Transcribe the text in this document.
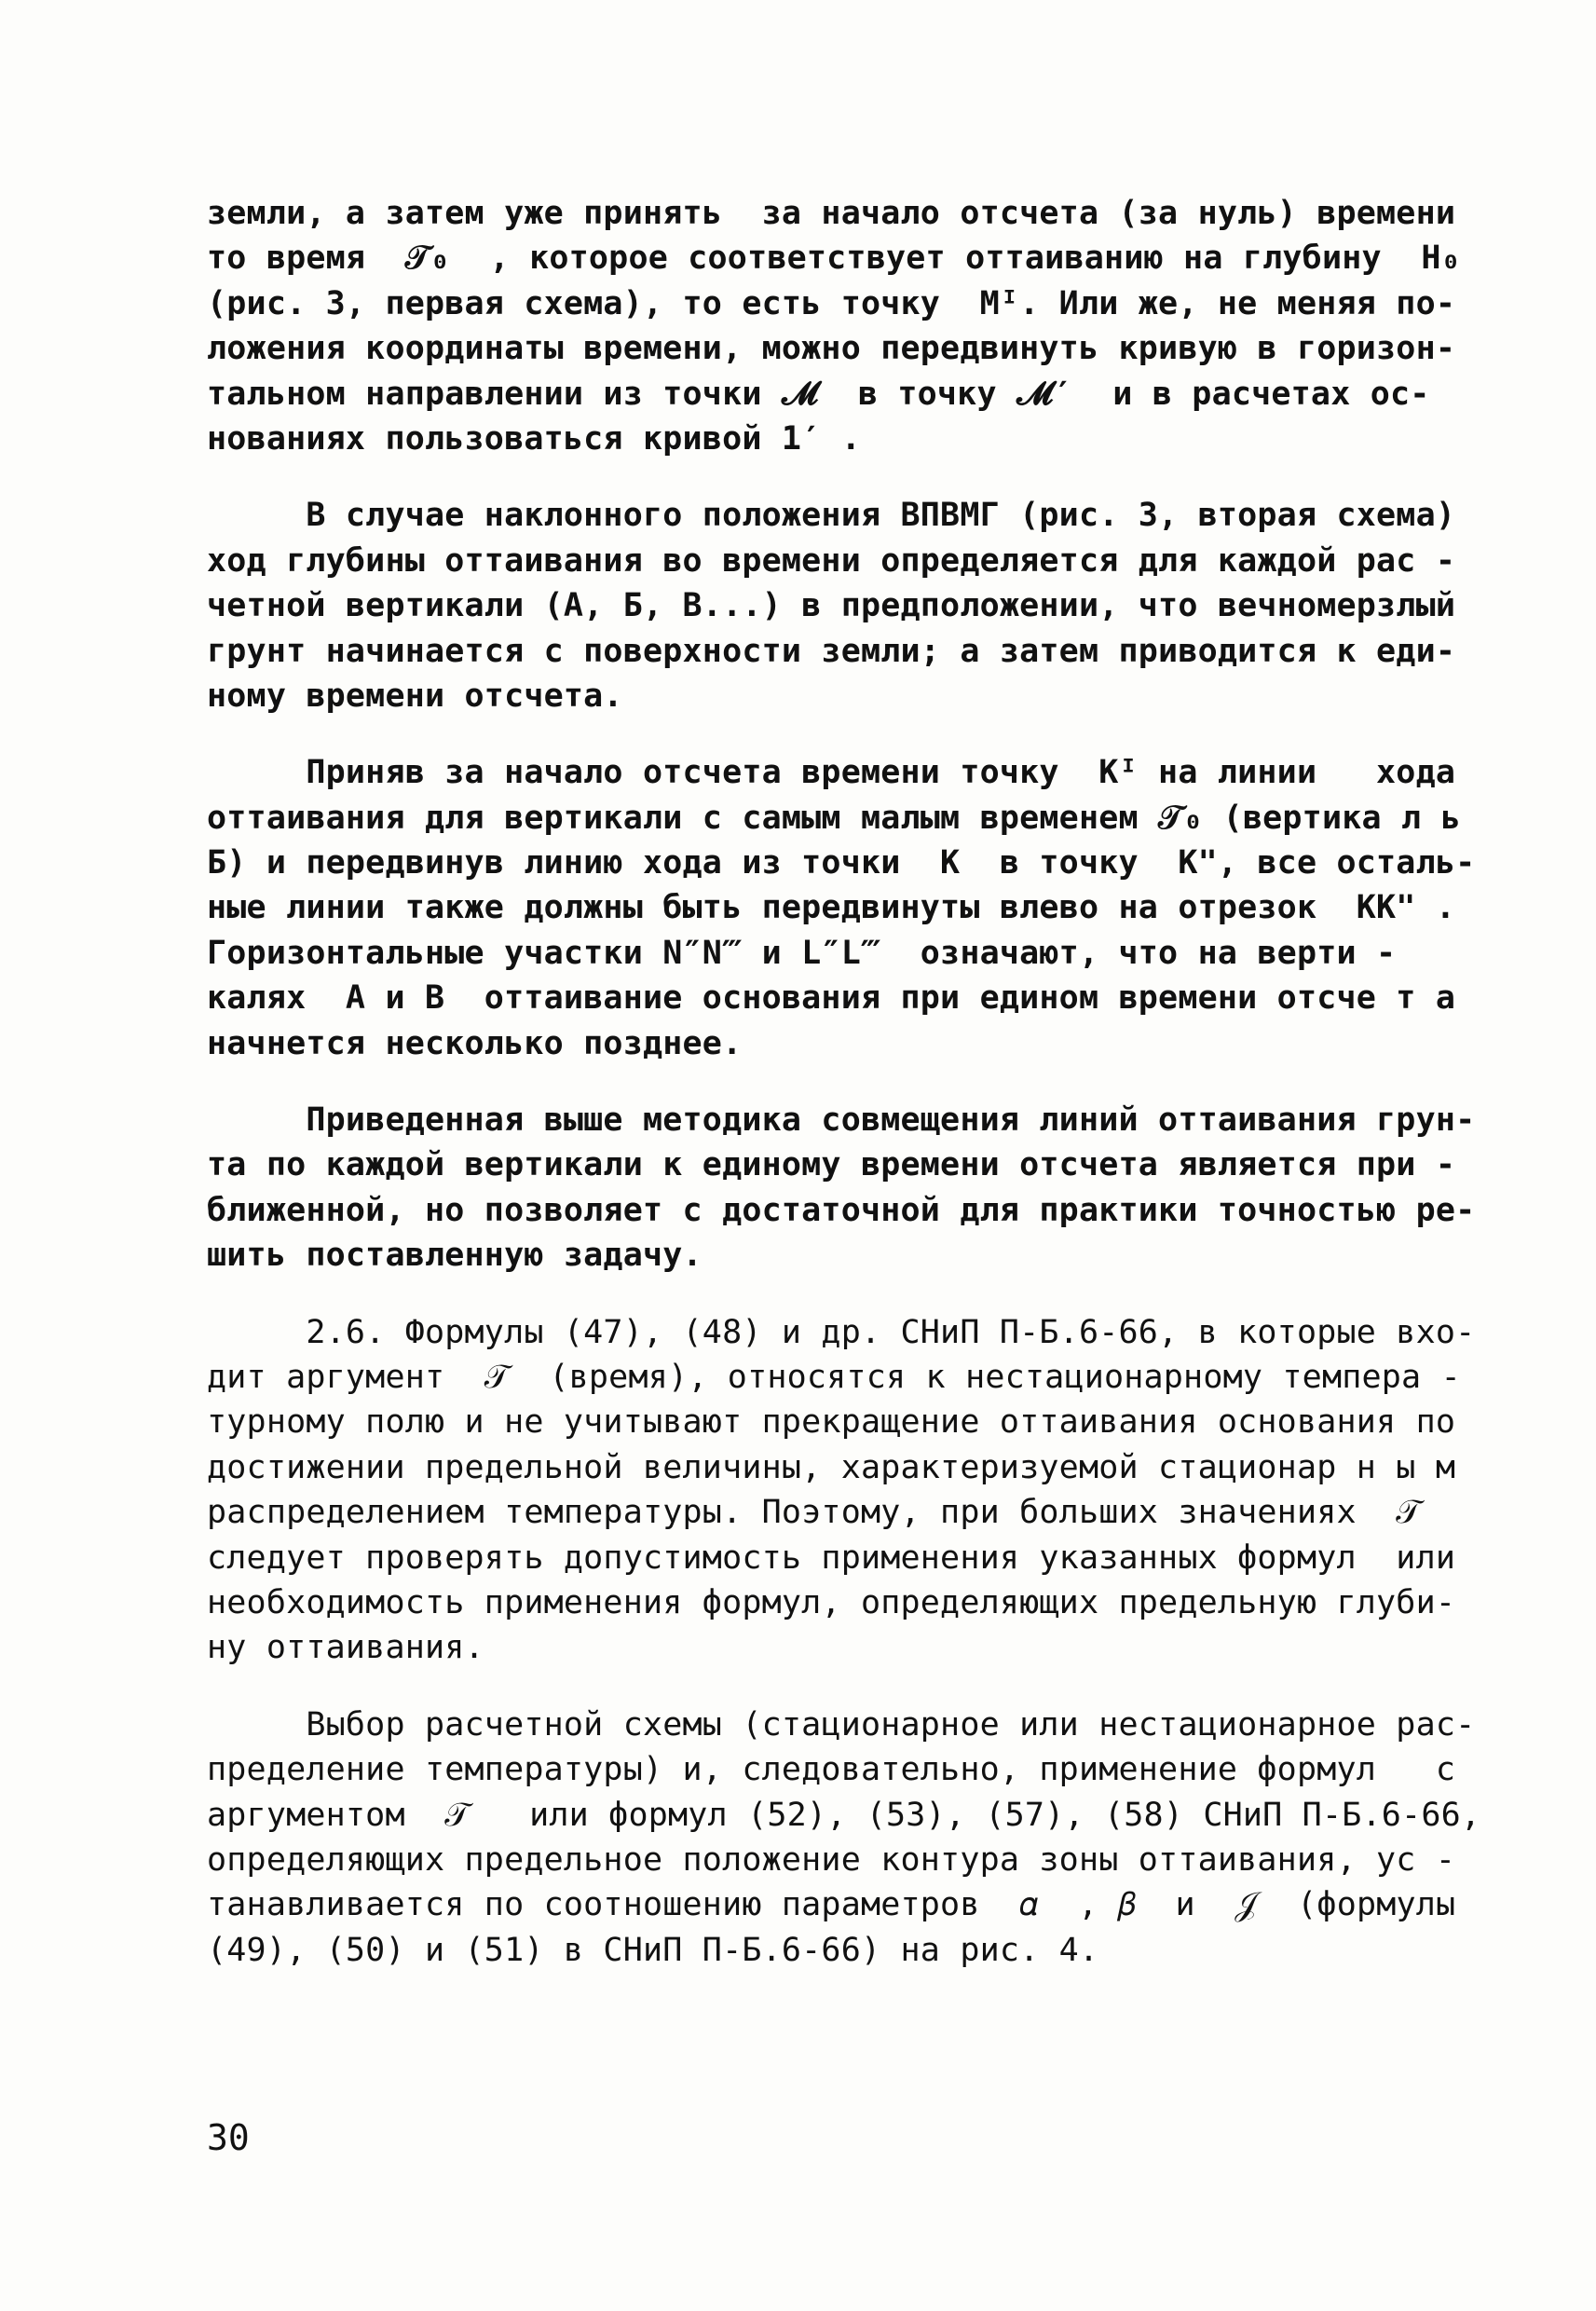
земли, а затем уже принять  за начало отсчета (за нуль) времени
то время  𝒯₀  , которое соответствует оттаиванию на глубину  H₀
(рис. 3, первая схема), то есть точку  Mᴵ. Или же, не меняя по-
ложения координаты времени, можно передвинуть кривую в горизон-
тальном направлении из точки 𝓜  в точку 𝓜′  и в расчетах ос-
нованиях пользоваться кривой 1′ .
В случае наклонного положения ВПВМГ (рис. 3, вторая схема)
ход глубины оттаивания во времени определяется для каждой рас -
четной вертикали (А, Б, В...) в предположении, что вечномерзлый
грунт начинается с поверхности земли; а затем приводится к еди-
ному времени отсчета.
Приняв за начало отсчета времени точку  Кᴵ на линии   хода
оттаивания для вертикали с самым малым временем 𝒯₀ (вертика л ь
Б) и передвинув линию хода из точки  К  в точку  К", все осталь-
ные линии также должны быть передвинуты влево на отрезок  КК" .
Горизонтальные участки N″N‴ и L″L‴  означают, что на верти -
калях  А и В  оттаивание основания при едином времени отсче т а
начнется несколько позднее.
Приведенная выше методика совмещения линий оттаивания грун-
та по каждой вертикали к единому времени отсчета является при -
ближенной, но позволяет с достаточной для практики точностью ре-
шить поставленную задачу.
2.6. Формулы (47), (48) и др. СНиП П-Б.6-66, в которые вхо-
дит аргумент  𝒯  (время), относятся к нестационарному темпера -
турному полю и не учитывают прекращение оттаивания основания по
достижении предельной величины, характеризуемой стационар н ы м
распределением температуры. Поэтому, при больших значениях  𝒯
следует проверять допустимость применения указанных формул  или
необходимость применения формул, определяющих предельную глуби-
ну оттаивания.
Выбор расчетной схемы (стационарное или нестационарное рас-
пределение температуры) и, следовательно, применение формул   с
аргументом  𝒯   или формул (52), (53), (57), (58) СНиП П-Б.6-66,
определяющих предельное положение контура зоны оттаивания, ус -
танавливается по соотношению параметров  𝛼  , 𝛽  и  𝒥  (формулы
(49), (50) и (51) в СНиП П-Б.6-66) на рис. 4.
30
